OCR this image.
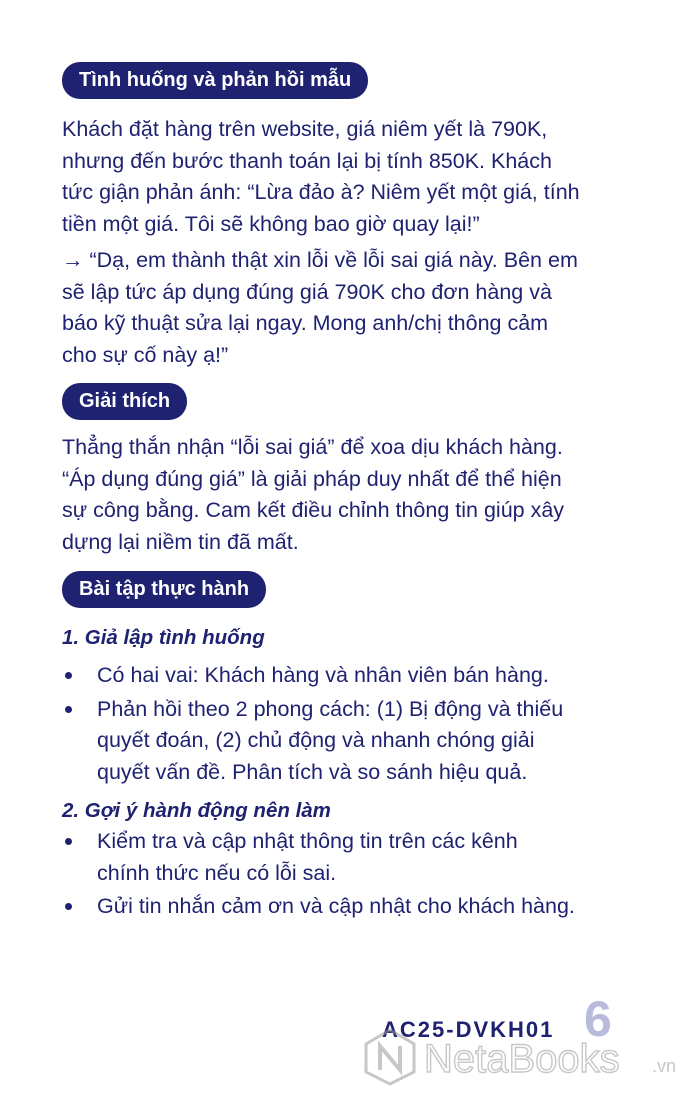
Tình huống và phản hồi mẫu
Khách đặt hàng trên website, giá niêm yết là 790K,
nhưng đến bước thanh toán lại bị tính 850K. Khách
tức giận phản ánh: “Lừa đảo à? Niêm yết một giá, tính
tiền một giá. Tôi sẽ không bao giờ quay lại!”
→ “Dạ, em thành thật xin lỗi về lỗi sai giá này. Bên em
sẽ lập tức áp dụng đúng giá 790K cho đơn hàng và
báo kỹ thuật sửa lại ngay. Mong anh/chị thông cảm
cho sự cố này ạ!”
Giải thích
Thẳng thắn nhận “lỗi sai giá” để xoa dịu khách hàng.
“Áp dụng đúng giá” là giải pháp duy nhất để thể hiện
sự công bằng. Cam kết điều chỉnh thông tin giúp xây
dựng lại niềm tin đã mất.
Bài tập thực hành
1. Giả lập tình huống
Có hai vai: Khách hàng và nhân viên bán hàng.
Phản hồi theo 2 phong cách: (1) Bị động và thiếu
quyết đoán, (2) chủ động và nhanh chóng giải
quyết vấn đề. Phân tích và so sánh hiệu quả.
2. Gợi ý hành động nên làm
Kiểm tra và cập nhật thông tin trên các kênh
chính thức nếu có lỗi sai.
Gửi tin nhắn cảm ơn và cập nhật cho khách hàng.
AC25-DVKH01 6
NetaBooks .vn
